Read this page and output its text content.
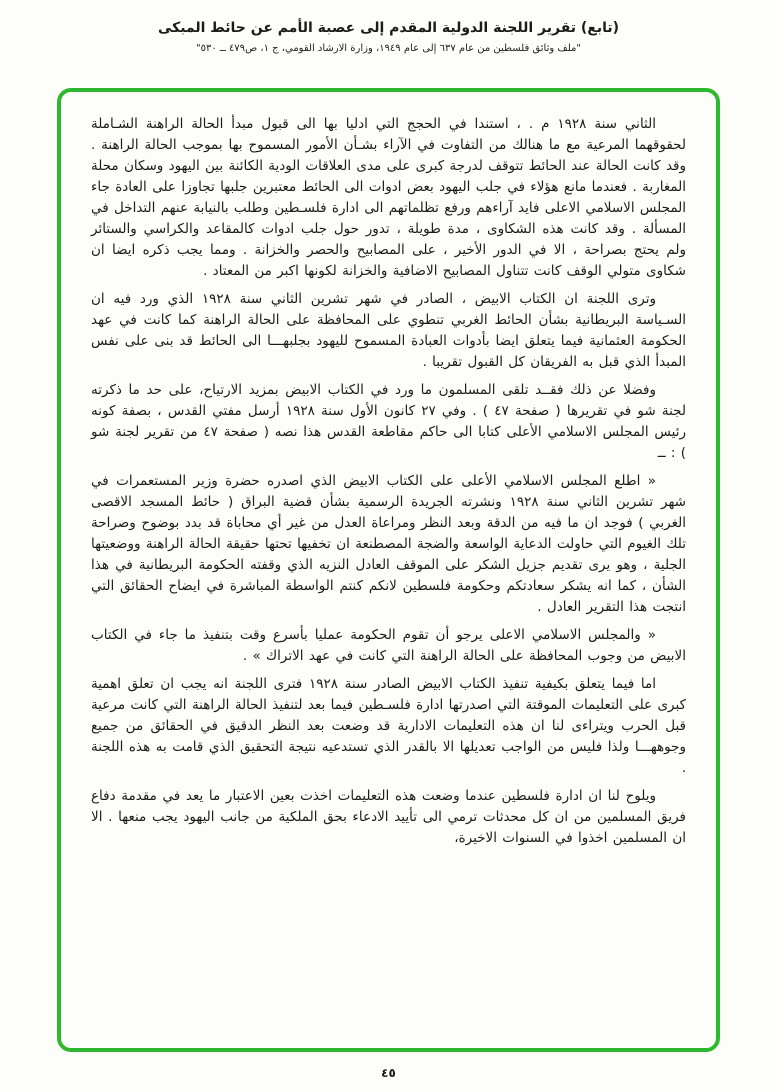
(تابع) تقرير اللجنة الدولية المقدم إلى عصبة الأمم عن حائط المبكى
"ملف وثائق فلسطين من عام ٦٣٧ إلى عام ١٩٤٩، وزارة الارشاد القومي، ج ١، ص٤٧٩ ــ ٥٣٠"

الثاني سنة ١٩٢٨ م . ، استندا في الحجج التي ادليا بها الى قبول مبدأ الحالة الراهنة الشـاملة لحقوقهما المرعية مع ما هنالك من التفاوت في الآراء بشـأن الأمور المسموح بها بموجب الحالة الراهنة . وقد كانت الحالة عند الحائط تتوقف لدرجة كبرى على مدى العلاقات الودية الكائنة بين اليهود وسكان محلة المغاربة . فعندما مانع هؤلاء في جلب اليهود بعض ادوات الى الحائط معتبرين جلبها تجاوزا على العادة جاء المجلس الاسلامي الاعلى فايد آراءهم ورفع تظلماتهم الى ادارة فلسـطين وطلب بالنيابة عنهم التداخل في المسألة . وقد كانت هذه الشكاوى ، مدة طويلة ، تدور حول جلب ادوات كالمقاعد والكراسي والستائر ولم يحتج بصراحة ، الا في الدور الأخير ، على المصابيح والحصر والخزانة . ومما يجب ذكره ايضا ان شكاوى متولي الوقف كانت تتناول المصابيح الاضافية والخزانة لكونها اكبر من المعتاد .

وترى اللجنة ان الكتاب الابيض ، الصادر في شهر تشرين الثاني سنة ١٩٢٨ الذي ورد فيه ان السـياسة البريطانية بشأن الحائط الغربي تنطوي على المحافظة على الحالة الراهنة كما كانت في عهد الحكومة العثمانية فيما يتعلق ايضا بأدوات العبادة المسموح لليهود بجلبهـــا الى الحائط قد بنى على نفس المبدأ الذي قبل به الفريقان كل القبول تقريبا .

وفضلا عن ذلك فقــد تلقى المسلمون ما ورد في الكتاب الابيض بمزيد الارتياح، على حد ما ذكرته لجنة شو في تقريرها ( صفحة ٤٧ ) . وفي ٢٧ كانون الأول سنة ١٩٢٨ أرسل مفتي القدس ، بصفة كونه رئيس المجلس الاسلامي الأعلى كتابا الى حاكم مقاطعة القدس هذا نصه ( صفحة ٤٧ من تقرير لجنة شو ) : ــ

« اطلع المجلس الاسلامي الأعلى على الكتاب الابيض الذي اصدره حضرة وزير المستعمرات في شهر تشرين الثاني سنة ١٩٢٨ ونشرته الجريدة الرسمية بشأن قضية البراق ( حائط المسجد الاقصى الغربي ) فوجد ان ما فيه من الدقة وبعد النظر ومراعاة العدل من غير أي محاباة قد بدد بوضوح وصراحة تلك الغيوم التي حاولت الدعاية الواسعة والضجة المصطنعة ان تخفيها تحتها حقيقة الحالة الراهنة ووضعيتها الجلية ، وهو يرى تقديم جزيل الشكر على الموقف العادل النزيه الذي وقفته الحكومة البريطانية في هذا الشأن ، كما انه يشكر سعادتكم وحكومة فلسطين لانكم كنتم الواسطة المباشرة في ايضاح الحقائق التي انتجت هذا التقرير العادل .

« والمجلس الاسلامي الاعلى يرجو أن تقوم الحكومة عمليا بأسرع وقت بتنفيذ ما جاء في الكتاب الابيض من وجوب المحافظة على الحالة الراهنة التي كانت في عهد الاتراك » .

اما فيما يتعلق بكيفية تنفيذ الكتاب الابيض الصادر سنة ١٩٢٨ فترى اللجنة انه يجب ان تعلق اهمية كبرى على التعليمات الموقتة التي اصدرتها ادارة فلسـطين فيما بعد لتنفيذ الحالة الراهنة التي كانت مرعية قبل الحرب ويتراءى لنا ان هذه التعليمات الادارية قد وضعت بعد النظر الدقيق في الحقائق من جميع وجوههـــا ولذا فليس من الواجب تعديلها الا بالقدر الذي تستدعيه نتيجة التحقيق الذي قامت به هذه اللجنة .

ويلوح لنا ان ادارة فلسطين عندما وضعت هذه التعليمات اخذت بعين الاعتبار ما يعد في مقدمة دفاع فريق المسلمين من ان كل محدثات ترمي الى تأييد الادعاء بحق الملكية من جانب اليهود يجب منعها . الا ان المسلمين اخذوا في السنوات الاخيرة،

٤٥
